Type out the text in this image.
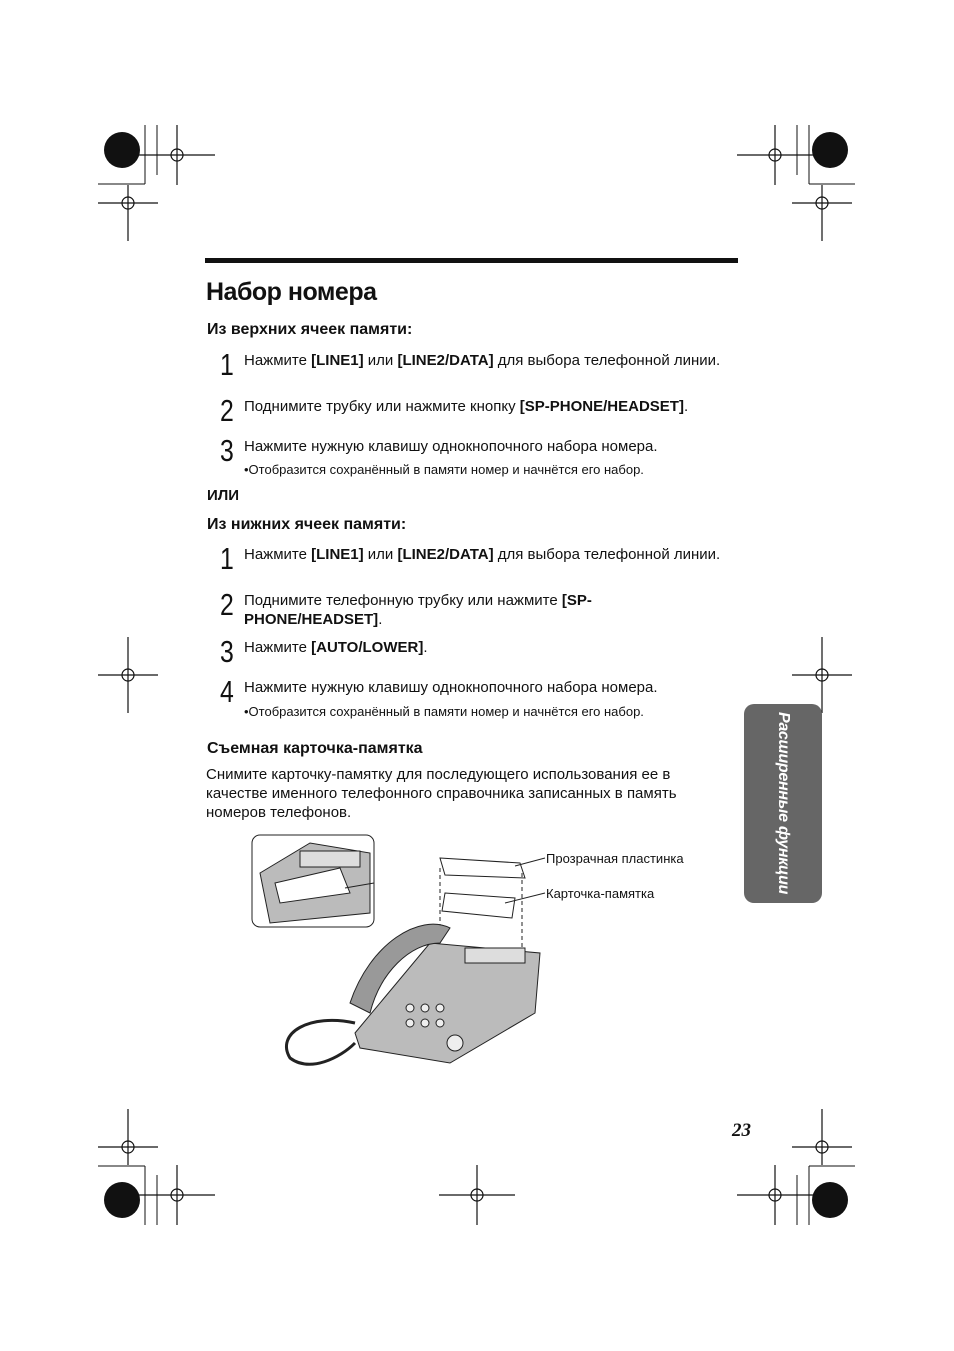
Набор номера
Из верхних ячеек памяти:
1 Нажмите [LINE1] или [LINE2/DATA] для выбора телефонной линии.
2 Поднимите трубку или нажмите кнопку [SP-PHONE/HEADSET].
3 Нажмите нужную клавишу однокнопочного набора номера.
•Отобразится сохранённый в памяти номер и начнётся его набор.
ИЛИ
Из нижних ячеек памяти:
1 Нажмите [LINE1] или [LINE2/DATA] для выбора телефонной линии.
2 Поднимите телефонную трубку или нажмите [SP-PHONE/HEADSET].
3 Нажмите [AUTO/LOWER].
4 Нажмите нужную клавишу однокнопочного набора номера.
•Отобразится сохранённый в памяти номер и начнётся его набор.
Съемная карточка-памятка
Снимите карточку-памятку для последующего использования ее в качестве именного телефонного справочника записанных в память номеров телефонов.
Прозрачная пластинка
Карточка-памятка	Расширенные функции
23
